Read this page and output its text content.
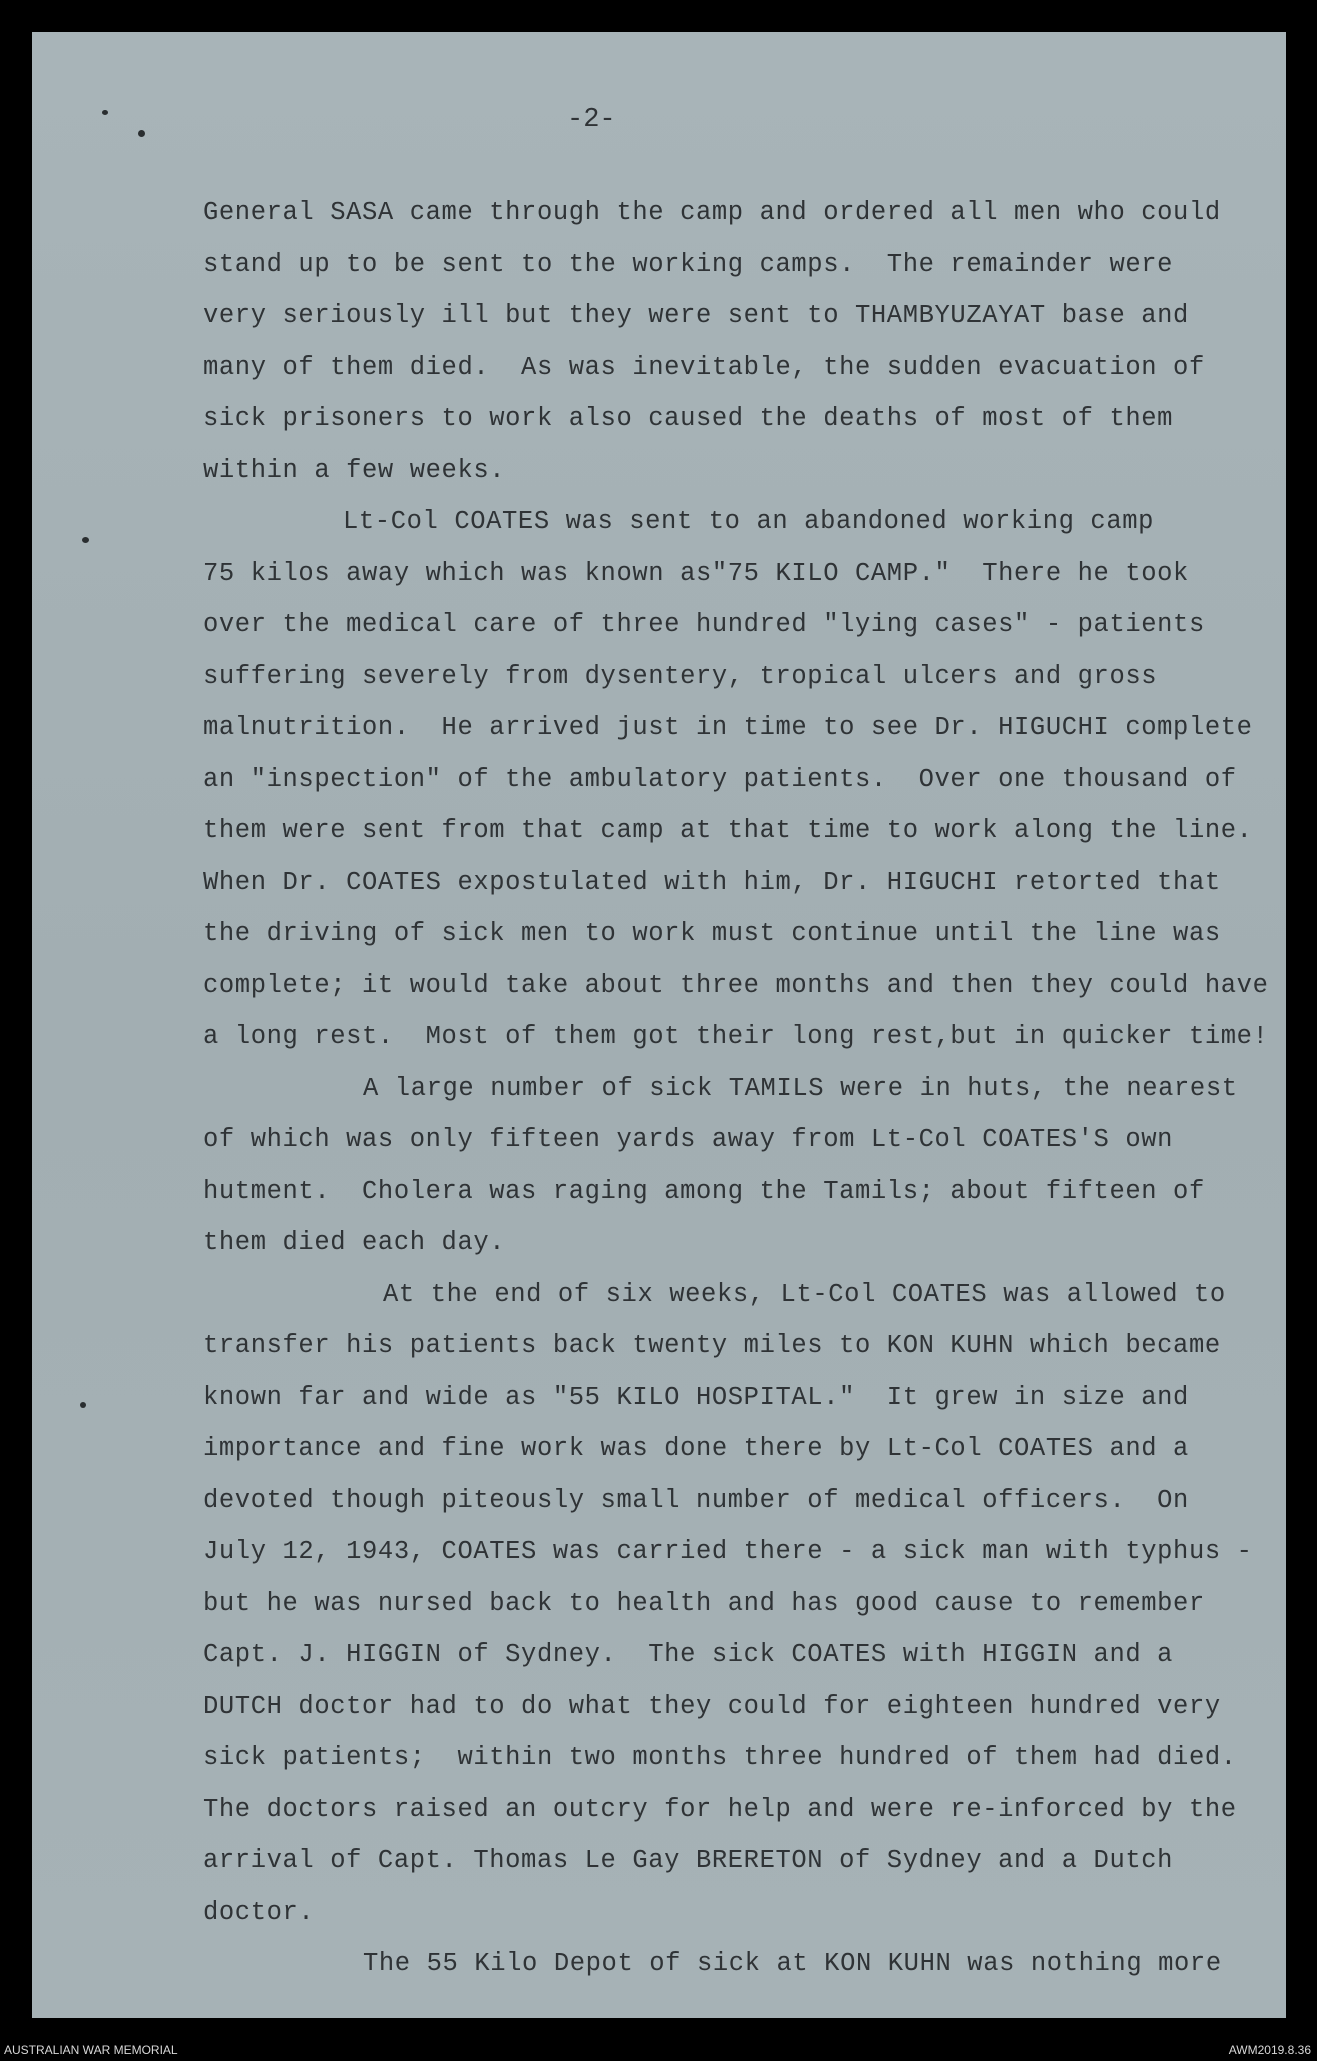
-2-
General SASA came through the camp and ordered all men who could
stand up to be sent to the working camps.  The remainder were
very seriously ill but they were sent to THAMBYUZAYAT base and
many of them died.  As was inevitable, the sudden evacuation of
sick prisoners to work also caused the deaths of most of them
within a few weeks.
Lt-Col COATES was sent to an abandoned working camp
75 kilos away which was known as"75 KILO CAMP."  There he took
over the medical care of three hundred "lying cases" - patients
suffering severely from dysentery, tropical ulcers and gross
malnutrition.  He arrived just in time to see Dr. HIGUCHI complete
an "inspection" of the ambulatory patients.  Over one thousand of
them were sent from that camp at that time to work along the line.
When Dr. COATES expostulated with him, Dr. HIGUCHI retorted that
the driving of sick men to work must continue until the line was
complete; it would take about three months and then they could have
a long rest.  Most of them got their long rest,but in quicker time!
A large number of sick TAMILS were in huts, the nearest
of which was only fifteen yards away from Lt-Col COATES'S own
hutment.  Cholera was raging among the Tamils; about fifteen of
them died each day.
At the end of six weeks, Lt-Col COATES was allowed to
transfer his patients back twenty miles to KON KUHN which became
known far and wide as "55 KILO HOSPITAL."  It grew in size and
importance and fine work was done there by Lt-Col COATES and a
devoted though piteously small number of medical officers.  On
July 12, 1943, COATES was carried there - a sick man with typhus -
but he was nursed back to health and has good cause to remember
Capt. J. HIGGIN of Sydney.  The sick COATES with HIGGIN and a
DUTCH doctor had to do what they could for eighteen hundred very
sick patients;  within two months three hundred of them had died.
The doctors raised an outcry for help and were re-inforced by the
arrival of Capt. Thomas Le Gay BRERETON of Sydney and a Dutch
doctor.
The 55 Kilo Depot of sick at KON KUHN was nothing more
AUSTRALIAN WAR MEMORIAL	AWM2019.8.36
